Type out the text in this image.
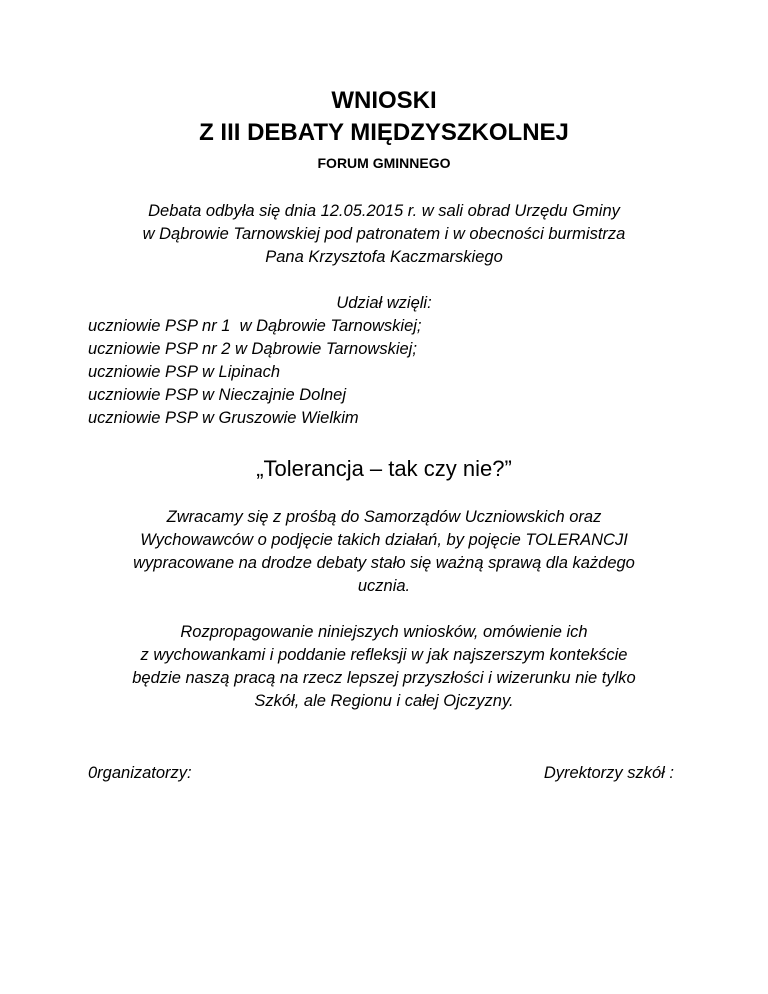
WNIOSKI
Z III DEBATY MIĘDZYSZKOLNEJ
FORUM GMINNEGO

Debata odbyła się dnia 12.05.2015 r. w sali obrad Urzędu Gminy
w Dąbrowie Tarnowskiej pod patronatem i w obecności burmistrza
Pana Krzysztofa Kaczmarskiego

Udział wzięli:

uczniowie PSP nr 1  w Dąbrowie Tarnowskiej;
uczniowie PSP nr 2 w Dąbrowie Tarnowskiej;
uczniowie PSP w Lipinach
uczniowie PSP w Nieczajnie Dolnej
uczniowie PSP w Gruszowie Wielkim

„Tolerancja – tak czy nie?”

Zwracamy się z prośbą do Samorządów Uczniowskich oraz
Wychowawców o podjęcie takich działań, by pojęcie TOLERANCJI
wypracowane na drodze debaty stało się ważną sprawą dla każdego
ucznia.

Rozpropagowanie niniejszych wniosków, omówienie ich
z wychowankami i poddanie refleksji w jak najszerszym kontekście
będzie naszą pracą na rzecz lepszej przyszłości i wizerunku nie tylko
Szkół, ale Regionu i całej Ojczyzny.

0rganizatorzy:	Dyrektorzy szkół :
